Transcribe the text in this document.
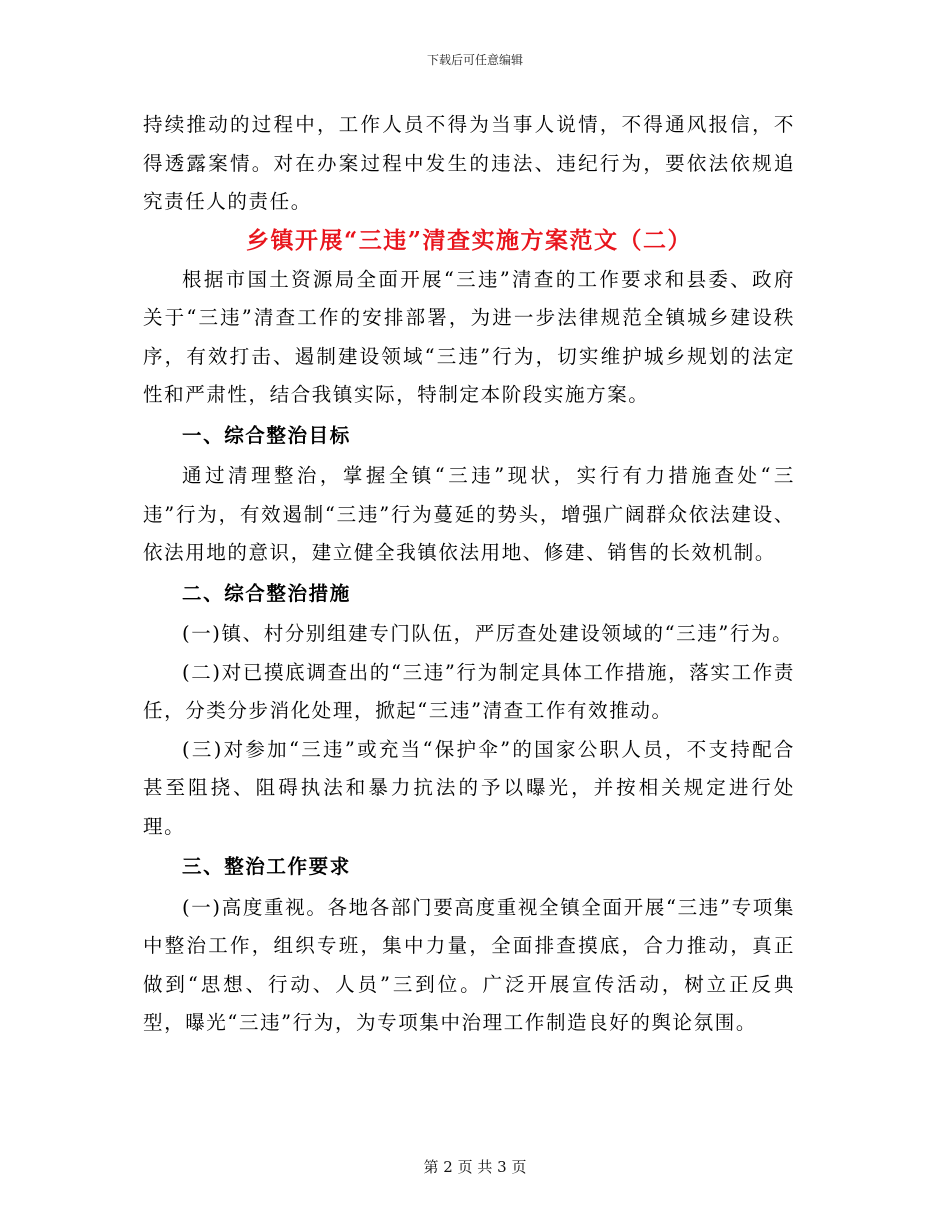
下载后可任意编辑

持续推动的过程中，工作人员不得为当事人说情，不得通风报信，不得透露案情。对在办案过程中发生的违法、违纪行为，要依法依规追究责任人的责任。

乡镇开展“三违”清查实施方案范文（二）

根据市国土资源局全面开展“三违”清查的工作要求和县委、政府关于“三违”清查工作的安排部署，为进一步法律规范全镇城乡建设秩序，有效打击、遏制建设领域“三违”行为，切实维护城乡规划的法定性和严肃性，结合我镇实际，特制定本阶段实施方案。

一、综合整治目标

通过清理整治，掌握全镇“三违”现状，实行有力措施查处“三违”行为，有效遏制“三违”行为蔓延的势头，增强广阔群众依法建设、依法用地的意识，建立健全我镇依法用地、修建、销售的长效机制。

二、综合整治措施

(一)镇、村分别组建专门队伍，严厉查处建设领域的“三违”行为。

(二)对已摸底调查出的“三违”行为制定具体工作措施，落实工作责任，分类分步消化处理，掀起“三违”清查工作有效推动。

(三)对参加“三违”或充当“保护伞”的国家公职人员，不支持配合甚至阻挠、阻碍执法和暴力抗法的予以曝光，并按相关规定进行处理。

三、整治工作要求

(一)高度重视。各地各部门要高度重视全镇全面开展“三违”专项集中整治工作，组织专班，集中力量，全面排查摸底，合力推动，真正做到“思想、行动、人员”三到位。广泛开展宣传活动，树立正反典型，曝光“三违”行为，为专项集中治理工作制造良好的舆论氛围。

第 2 页 共 3 页
